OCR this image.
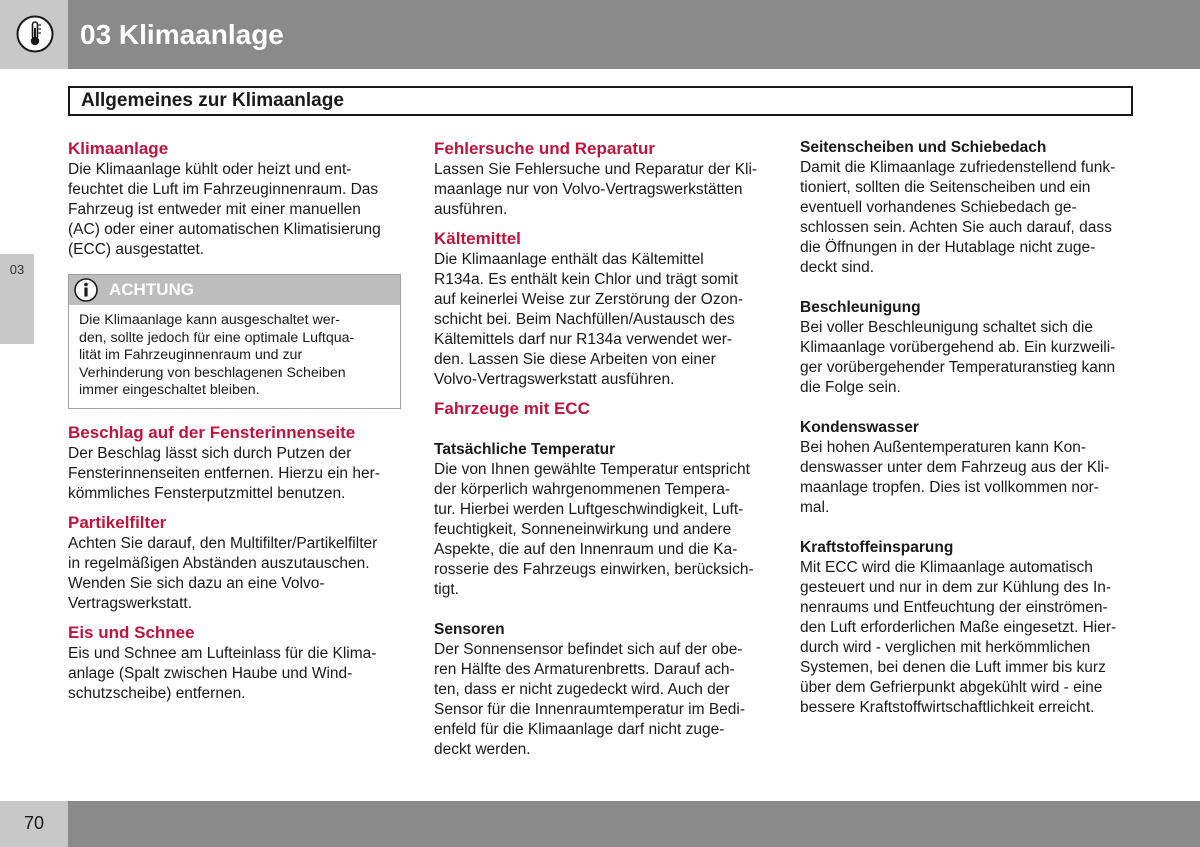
03 Klimaanlage
Allgemeines zur Klimaanlage
03
Klimaanlage

Die Klimaanlage kühlt oder heizt und ent-
feuchtet die Luft im Fahrzeuginnenraum. Das
Fahrzeug ist entweder mit einer manuellen
(AC) oder einer automatischen Klimatisierung
(ECC) ausgestattet.

ACHTUNG

Die Klimaanlage kann ausgeschaltet wer-
den, sollte jedoch für eine optimale Luftqua-
lität im Fahrzeuginnenraum und zur
Verhinderung von beschlagenen Scheiben
immer eingeschaltet bleiben.

Beschlag auf der Fensterinnenseite

Der Beschlag lässt sich durch Putzen der
Fensterinnenseiten entfernen. Hierzu ein her-
kömmliches Fensterputzmittel benutzen.

Partikelfilter

Achten Sie darauf, den Multifilter/Partikelfilter
in regelmäßigen Abständen auszutauschen.
Wenden Sie sich dazu an eine Volvo-
Vertragswerkstatt.

Eis und Schnee

Eis und Schnee am Lufteinlass für die Klima-
anlage (Spalt zwischen Haube und Wind-
schutzscheibe) entfernen.

Fehlersuche und Reparatur

Lassen Sie Fehlersuche und Reparatur der Kli-
maanlage nur von Volvo-Vertragswerkstätten
ausführen.

Kältemittel

Die Klimaanlage enthält das Kältemittel
R134a. Es enthält kein Chlor und trägt somit
auf keinerlei Weise zur Zerstörung der Ozon-
schicht bei. Beim Nachfüllen/Austausch des
Kältemittels darf nur R134a verwendet wer-
den. Lassen Sie diese Arbeiten von einer
Volvo-Vertragswerkstatt ausführen.

Fahrzeuge mit ECC
Tatsächliche Temperatur

Die von Ihnen gewählte Temperatur entspricht
der körperlich wahrgenommenen Tempera-
tur. Hierbei werden Luftgeschwindigkeit, Luft-
feuchtigkeit, Sonneneinwirkung und andere
Aspekte, die auf den Innenraum und die Ka-
rosserie des Fahrzeugs einwirken, berücksich-
tigt.

Sensoren

Der Sonnensensor befindet sich auf der obe-
ren Hälfte des Armaturenbretts. Darauf ach-
ten, dass er nicht zugedeckt wird. Auch der
Sensor für die Innenraumtemperatur im Bedi-
enfeld für die Klimaanlage darf nicht zuge-
deckt werden.

Seitenscheiben und Schiebedach

Damit die Klimaanlage zufriedenstellend funk-
tioniert, sollten die Seitenscheiben und ein
eventuell vorhandenes Schiebedach ge-
schlossen sein. Achten Sie auch darauf, dass
die Öffnungen in der Hutablage nicht zuge-
deckt sind.

Beschleunigung

Bei voller Beschleunigung schaltet sich die
Klimaanlage vorübergehend ab. Ein kurzweili-
ger vorübergehender Temperaturanstieg kann
die Folge sein.

Kondenswasser

Bei hohen Außentemperaturen kann Kon-
denswasser unter dem Fahrzeug aus der Kli-
maanlage tropfen. Dies ist vollkommen nor-
mal.

Kraftstoffeinsparung

Mit ECC wird die Klimaanlage automatisch
gesteuert und nur in dem zur Kühlung des In-
nenraums und Entfeuchtung der einströmen-
den Luft erforderlichen Maße eingesetzt. Hier-
durch wird - verglichen mit herkömmlichen
Systemen, bei denen die Luft immer bis kurz
über dem Gefrierpunkt abgekühlt wird - eine
bessere Kraftstoffwirtschaftlichkeit erreicht.

70
